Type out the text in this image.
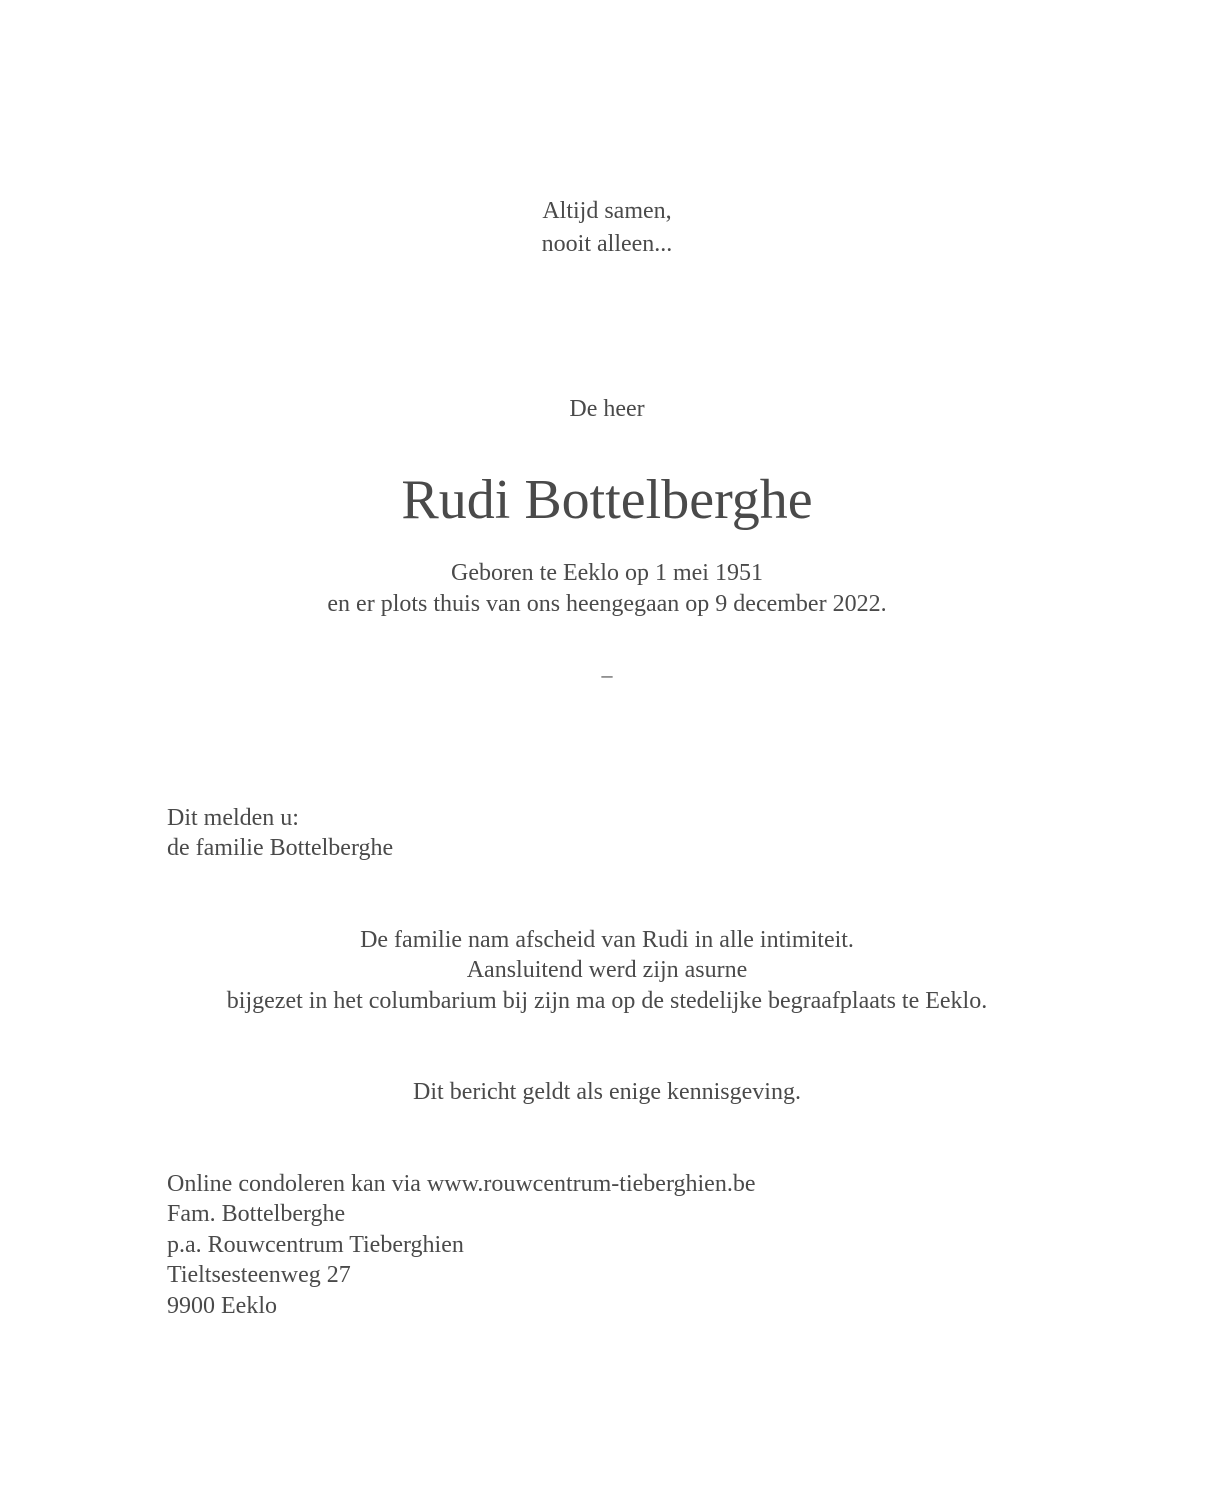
Altijd samen,
nooit alleen...
De heer
Rudi Bottelberghe
Geboren te Eeklo op 1 mei 1951
en er plots thuis van ons heengegaan op 9 december 2022.
–
Dit melden u:
de familie Bottelberghe
De familie nam afscheid van Rudi in alle intimiteit.
Aansluitend werd zijn asurne
bijgezet in het columbarium bij zijn ma op de stedelijke begraafplaats te Eeklo.
Dit bericht geldt als enige kennisgeving.
Online condoleren kan via www.rouwcentrum-tieberghien.be
Fam. Bottelberghe
p.a. Rouwcentrum Tieberghien
Tieltsesteenweg 27
9900 Eeklo
